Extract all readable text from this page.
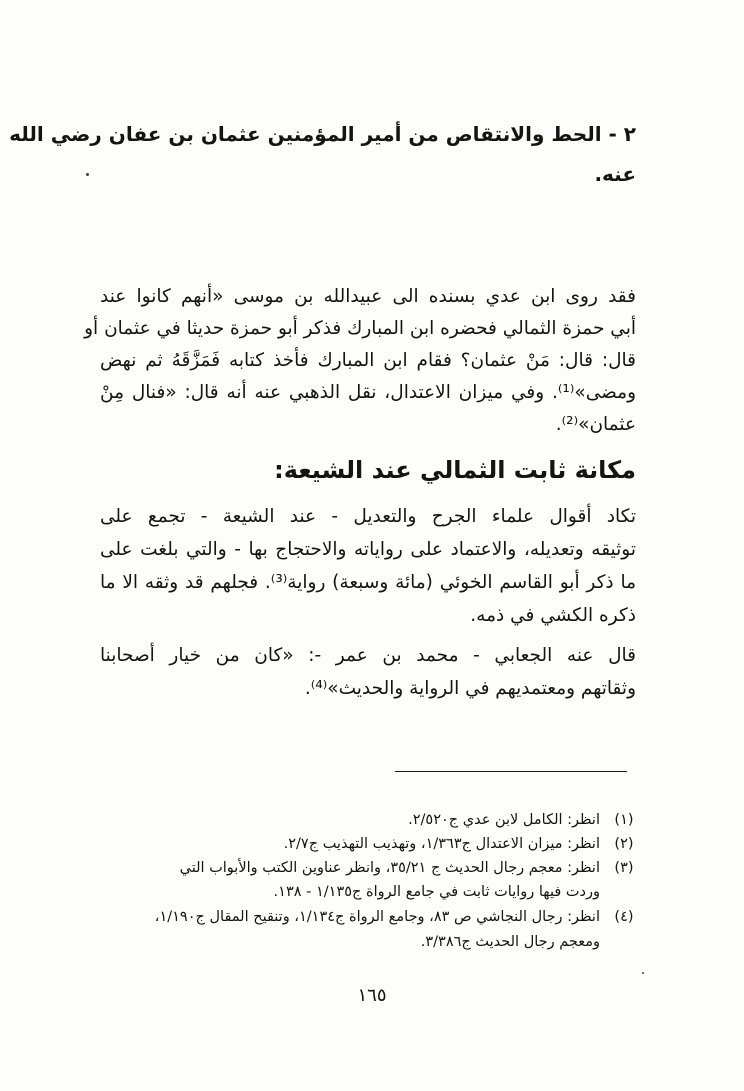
٢ - الحط والانتقاص من أمير المؤمنين عثمان بن عفان رضي الله
عنه.
فقد روى ابن عدي بسنده الى عبيدالله بن موسى «أنهم كانوا عند
أبي حمزة الثمالي فحضره ابن المبارك فذكر أبو حمزة حديثا في عثمان أو
قال: قال: مَنْ عثمان؟ فقام ابن المبارك فأخذ كتابه فَمَزَّقَهُ ثم نهض
ومضى»⁽¹⁾. وفي ميزان الاعتدال، نقل الذهبي عنه أنه قال: «فنال مِنْ
عثمان»⁽²⁾.
مكانة ثابت الثمالي عند الشيعة:
تكاد أقوال علماء الجرح والتعديل - عند الشيعة - تجمع على
توثيقه وتعديله، والاعتماد على رواياته والاحتجاج بها - والتي بلغت على
ما ذكر أبو القاسم الخوئي (مائة وسبعة) رواية⁽³⁾. فجلهم قد وثقه الا ما
ذكره الكشي في ذمه.
قال عنه الجعابي - محمد بن عمر -: «كان من خيار أصحابنا
وثقاتهم ومعتمديهم في الرواية والحديث»⁽⁴⁾.
(١)
انظر: الكامل لابن عدي ج٢/٥٢٠.
(٢)
انظر: ميزان الاعتدال ج١/٣٦٣، وتهذيب التهذيب ج٢/٧.
(٣)
انظر: معجم رجال الحديث ج ٣٥/٢١، وانظر عناوين الكتب والأبواب التي
وردت فيها روايات ثابت في جامع الرواة ج١/١٣٥ - ١٣٨.
(٤)
انظر: رجال النجاشي ص ٨٣، وجامع الرواة ج١/١٣٤، وتنقيح المقال ج١/١٩٠،
ومعجم رجال الحديث ج٣/٣٨٦.
١٦٥
